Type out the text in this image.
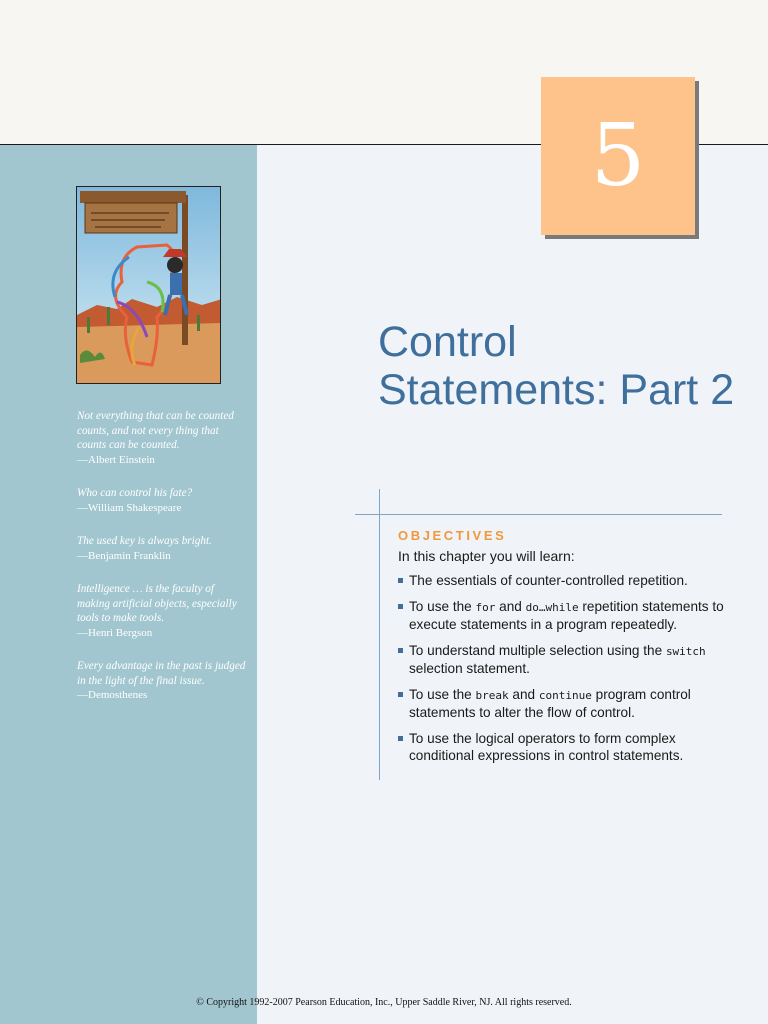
5
Not everything that can be counted counts, and not every thing that counts can be counted.
—Albert Einstein
Who can control his fate?
—William Shakespeare
The used key is always bright.
—Benjamin Franklin
Intelligence … is the faculty of making artificial objects, especially tools to make tools.
—Henri Bergson
Every advantage in the past is judged in the light of the final issue.
—Demosthenes
Control
Statements: Part 2
OBJECTIVES
In this chapter you will learn:
The essentials of counter-controlled repetition.
To use the for and do…while repetition statements to execute statements in a program repeatedly.
To understand multiple selection using the switch selection statement.
To use the break and continue program control statements to alter the flow of control.
To use the logical operators to form complex conditional expressions in control statements.
© Copyright 1992-2007 Pearson Education, Inc., Upper Saddle River, NJ. All rights reserved.
